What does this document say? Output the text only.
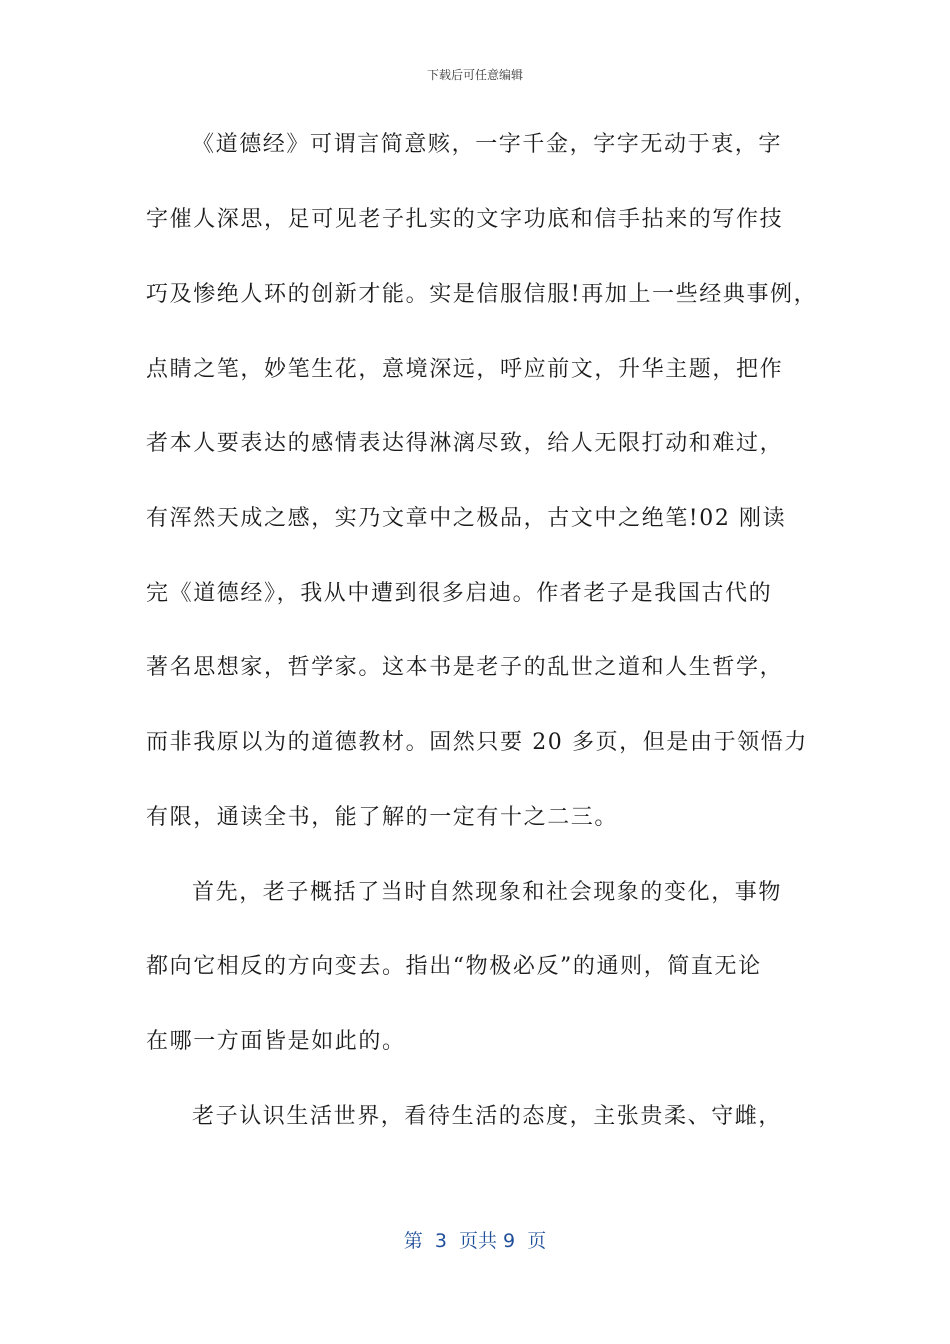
下载后可任意编辑
《道德经》可谓言简意赅，一字千金，字字无动于衷，字
字催人深思，足可见老子扎实的文字功底和信手拈来的写作技
巧及惨绝人环的创新才能。实是信服信服!再加上一些经典事例，
点睛之笔，妙笔生花，意境深远，呼应前文，升华主题，把作
者本人要表达的感情表达得淋漓尽致，给人无限打动和难过，
有浑然天成之感，实乃文章中之极品，古文中之绝笔!02 刚读
完《道德经》，我从中遭到很多启迪。作者老子是我国古代的
著名思想家，哲学家。这本书是老子的乱世之道和人生哲学，
而非我原以为的道德教材。固然只要 20 多页，但是由于领悟力
有限，通读全书，能了解的一定有十之二三。
首先，老子概括了当时自然现象和社会现象的变化，事物
都向它相反的方向变去。指出“物极必反”的通则，简直无论
在哪一方面皆是如此的。
老子认识生活世界，看待生活的态度，主张贵柔、守雌，
第  3  页共 9  页
